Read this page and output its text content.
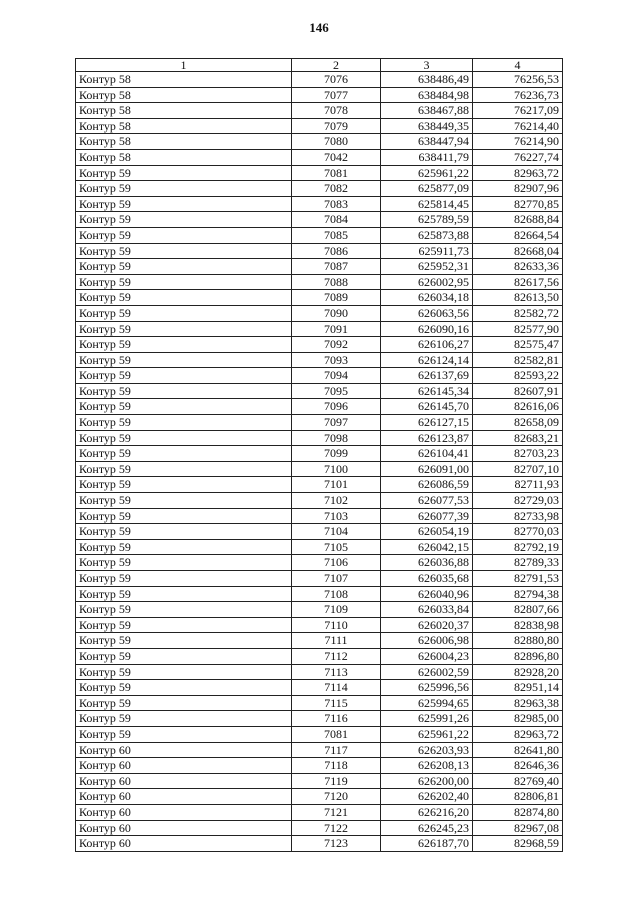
146
1	2	3	4
Контур 58	7076	638486,49	76256,53
Контур 58	7077	638484,98	76236,73
Контур 58	7078	638467,88	76217,09
Контур 58	7079	638449,35	76214,40
Контур 58	7080	638447,94	76214,90
Контур 58	7042	638411,79	76227,74
Контур 59	7081	625961,22	82963,72
Контур 59	7082	625877,09	82907,96
Контур 59	7083	625814,45	82770,85
Контур 59	7084	625789,59	82688,84
Контур 59	7085	625873,88	82664,54
Контур 59	7086	625911,73	82668,04
Контур 59	7087	625952,31	82633,36
Контур 59	7088	626002,95	82617,56
Контур 59	7089	626034,18	82613,50
Контур 59	7090	626063,56	82582,72
Контур 59	7091	626090,16	82577,90
Контур 59	7092	626106,27	82575,47
Контур 59	7093	626124,14	82582,81
Контур 59	7094	626137,69	82593,22
Контур 59	7095	626145,34	82607,91
Контур 59	7096	626145,70	82616,06
Контур 59	7097	626127,15	82658,09
Контур 59	7098	626123,87	82683,21
Контур 59	7099	626104,41	82703,23
Контур 59	7100	626091,00	82707,10
Контур 59	7101	626086,59	82711,93
Контур 59	7102	626077,53	82729,03
Контур 59	7103	626077,39	82733,98
Контур 59	7104	626054,19	82770,03
Контур 59	7105	626042,15	82792,19
Контур 59	7106	626036,88	82789,33
Контур 59	7107	626035,68	82791,53
Контур 59	7108	626040,96	82794,38
Контур 59	7109	626033,84	82807,66
Контур 59	7110	626020,37	82838,98
Контур 59	7111	626006,98	82880,80
Контур 59	7112	626004,23	82896,80
Контур 59	7113	626002,59	82928,20
Контур 59	7114	625996,56	82951,14
Контур 59	7115	625994,65	82963,38
Контур 59	7116	625991,26	82985,00
Контур 59	7081	625961,22	82963,72
Контур 60	7117	626203,93	82641,80
Контур 60	7118	626208,13	82646,36
Контур 60	7119	626200,00	82769,40
Контур 60	7120	626202,40	82806,81
Контур 60	7121	626216,20	82874,80
Контур 60	7122	626245,23	82967,08
Контур 60	7123	626187,70	82968,59
